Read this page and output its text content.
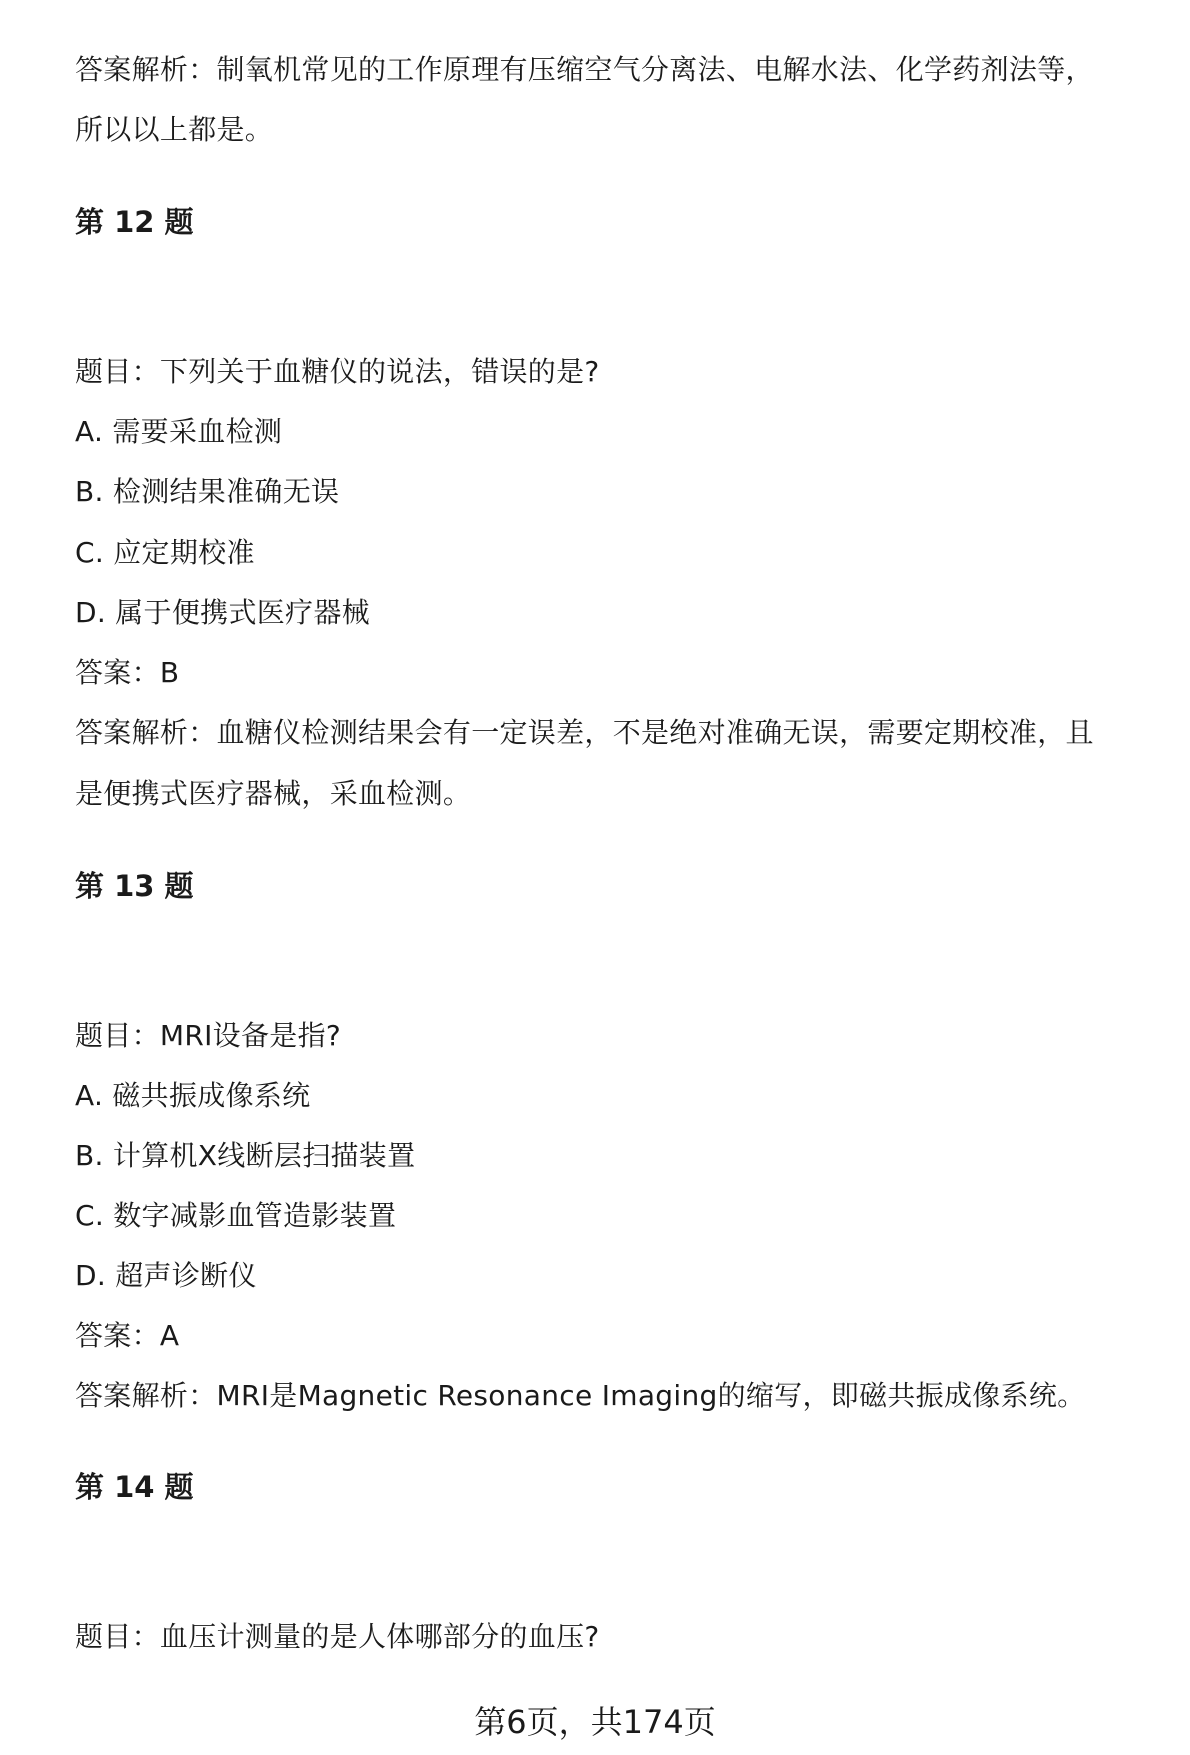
答案解析：制氧机常见的工作原理有压缩空气分离法、电解水法、化学药剂法等，
所以以上都是。
第 12 题
题目：下列关于血糖仪的说法，错误的是?
A. 需要采血检测
B. 检测结果准确无误
C. 应定期校准
D. 属于便携式医疗器械
答案：B
答案解析：血糖仪检测结果会有一定误差，不是绝对准确无误，需要定期校准，且
是便携式医疗器械，采血检测。
第 13 题
题目：MRI设备是指?
A. 磁共振成像系统
B. 计算机X线断层扫描装置
C. 数字减影血管造影装置
D. 超声诊断仪
答案：A
答案解析：MRI是Magnetic Resonance Imaging的缩写，即磁共振成像系统。
第 14 题
题目：血压计测量的是人体哪部分的血压?
第6页，共174页
